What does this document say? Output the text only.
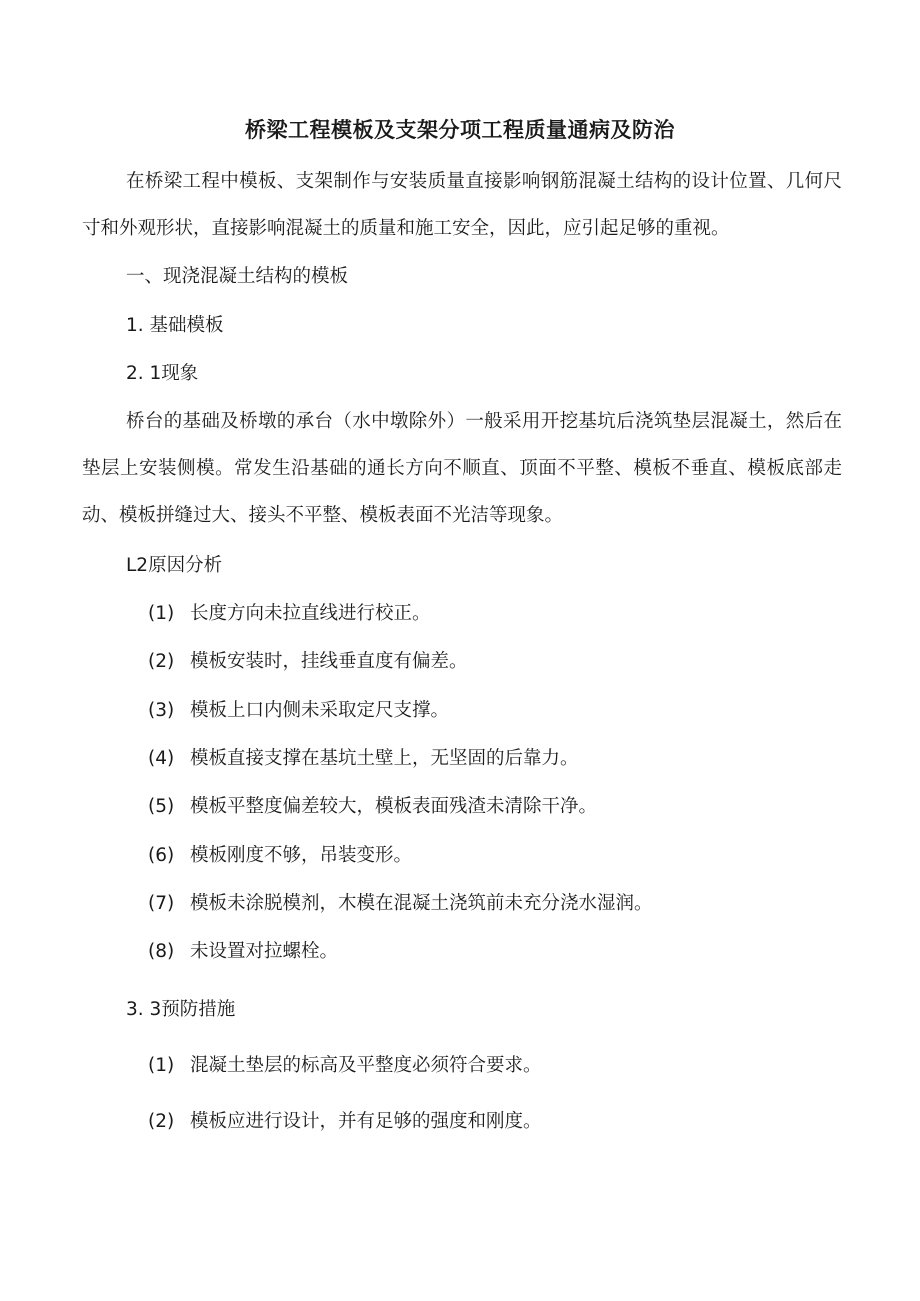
桥梁工程模板及支架分项工程质量通病及防治
在桥梁工程中模板、支架制作与安装质量直接影响钢筋混凝土结构的设计位置、几何尺寸和外观形状，直接影响混凝土的质量和施工安全，因此，应引起足够的重视。
一、现浇混凝土结构的模板
1. 基础模板
2. 1现象
桥台的基础及桥墩的承台（水中墩除外）一般采用开挖基坑后浇筑垫层混凝土，然后在垫层上安装侧模。常发生沿基础的通长方向不顺直、顶面不平整、模板不垂直、模板底部走动、模板拼缝过大、接头不平整、模板表面不光洁等现象。
L2原因分析
(1) 长度方向未拉直线进行校正。
(2) 模板安装时，挂线垂直度有偏差。
(3) 模板上口内侧未采取定尺支撑。
(4) 模板直接支撑在基坑土壁上，无坚固的后靠力。
(5) 模板平整度偏差较大，模板表面残渣未清除干净。
(6) 模板刚度不够，吊装变形。
(7) 模板未涂脱模剂，木模在混凝土浇筑前未充分浇水湿润。
(8) 未设置对拉螺栓。
3. 3预防措施
(1) 混凝土垫层的标高及平整度必须符合要求。
(2) 模板应进行设计，并有足够的强度和刚度。
